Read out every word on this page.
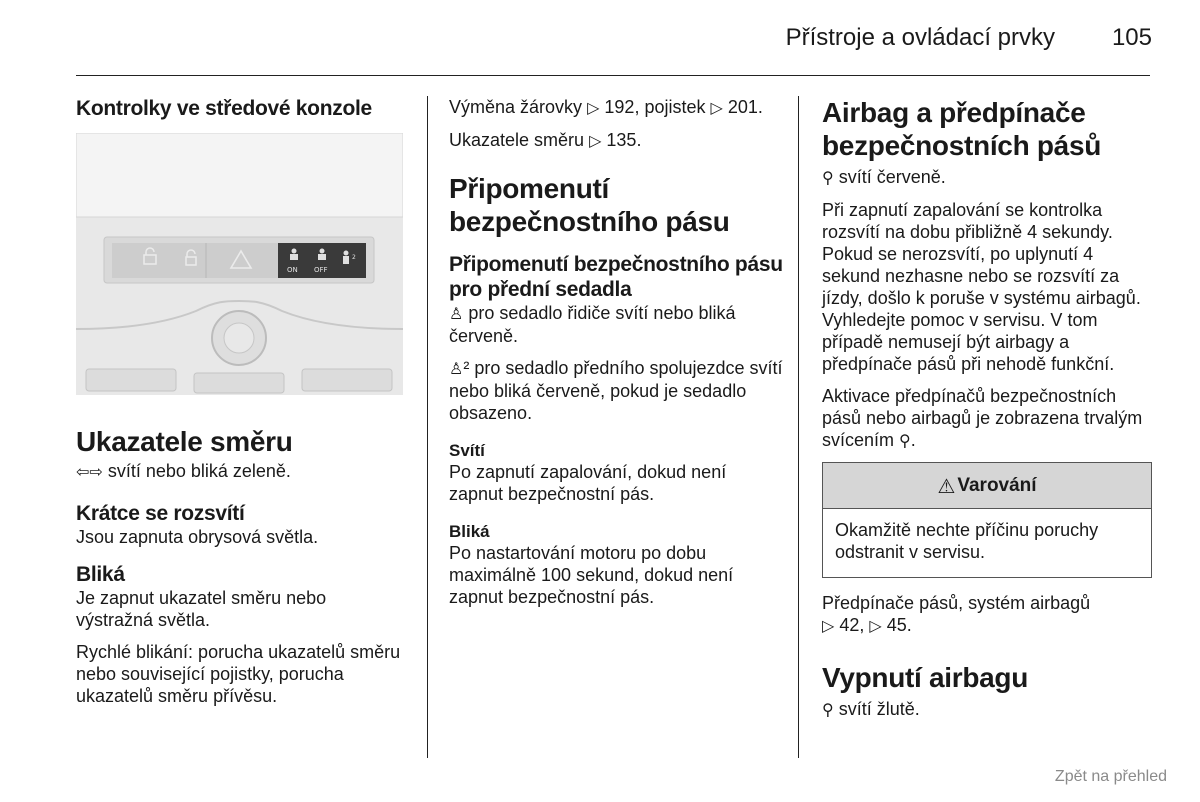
Přístroje a ovládací prvky 105
Kontrolky ve středové konzole
ON OFF
2
Ukazatele směru

⇦⇨ svítí nebo bliká zeleně.

Krátce se rozsvítí

Jsou zapnuta obrysová světla.

Bliká

Je zapnut ukazatel směru nebo výstražná světla.

Rychlé blikání: porucha ukazatelů směru nebo související pojistky, porucha ukazatelů směru přívěsu.

Výměna žárovky ▷ 192, pojistek ▷ 201.

Ukazatele směru ▷ 135.

Připomenutí bezpečnostního pásu
Připomenutí bezpečnostního pásu pro přední sedadla

♙ pro sedadlo řidiče svítí nebo bliká červeně.

♙² pro sedadlo předního spolujezdce svítí nebo bliká červeně, pokud je sedadlo obsazeno.

Svítí

Po zapnutí zapalování, dokud není zapnut bezpečnostní pás.

Bliká

Po nastartování motoru po dobu maximálně 100 sekund, dokud není zapnut bezpečnostní pás.

Airbag a předpínače bezpečnostních pásů

⚲ svítí červeně.

Při zapnutí zapalování se kontrolka rozsvítí na dobu přibližně 4 sekundy. Pokud se nerozsvítí, po uplynutí 4 sekund nezhasne nebo se rozsvítí za jízdy, došlo k poruše v systému airbagů. Vyhledejte pomoc v servisu. V tom případě nemusejí být airbagy a předpínače pásů při nehodě funkční.

Aktivace předpínačů bezpečnostních pásů nebo airbagů je zobrazena trvalým svícením ⚲.

⚠ Varování

Okamžitě nechte příčinu poruchy odstranit v servisu.

Předpínače pásů, systém airbagů
▷ 42, ▷ 45.

Vypnutí airbagu

⚲ svítí žlutě.

Zpět na přehled
